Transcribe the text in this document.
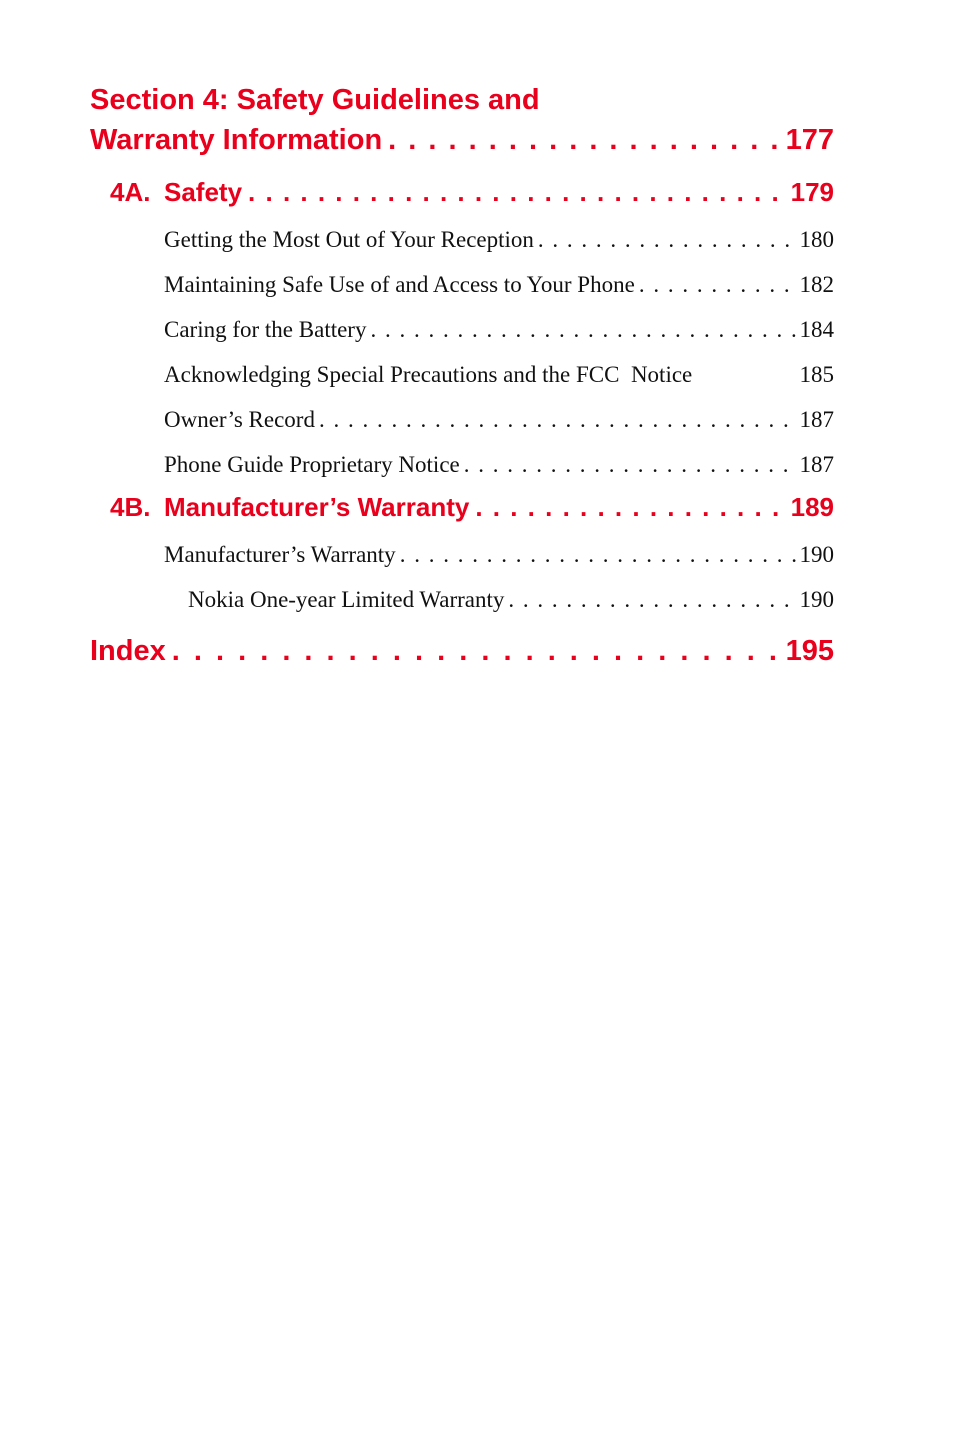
Section 4: Safety Guidelines and
Warranty Information . . .	177
4A. Safety . . .	179
Getting the Most Out of Your Reception . . .	180
Maintaining Safe Use of and Access to Your Phone . . .	182
Caring for the Battery . . .	184
Acknowledging Special Precautions and the FCC  Notice	185
Owner’s Record . . .	187
Phone Guide Proprietary Notice . . .	187
4B. Manufacturer’s Warranty . . .	189
Manufacturer’s Warranty . . .	190
Nokia One-year Limited Warranty . . .	190
Index . . .	195
